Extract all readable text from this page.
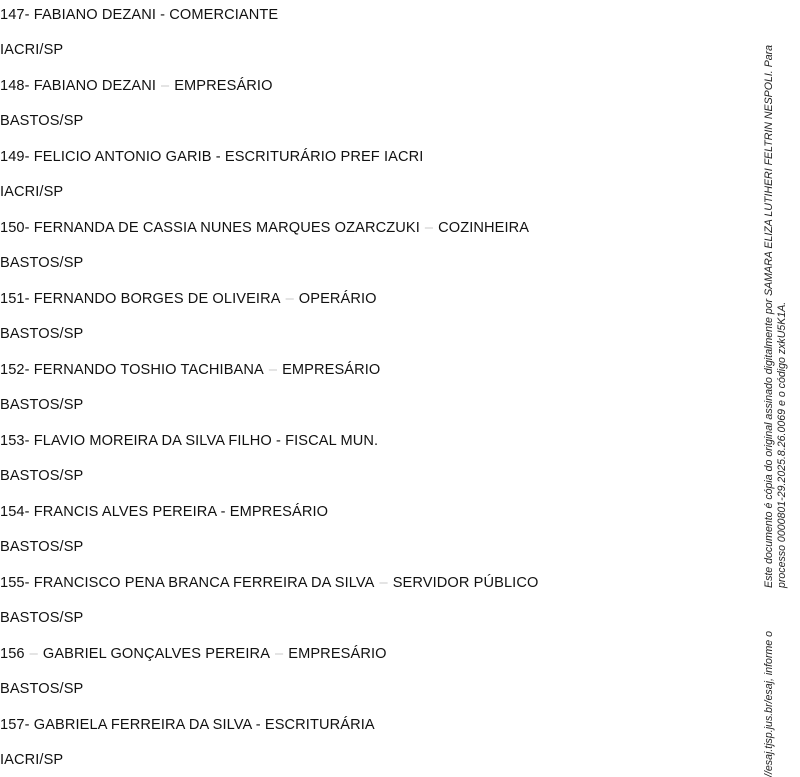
147- FABIANO DEZANI - COMERCIANTE
IACRI/SP
148- FABIANO DEZANI – EMPRESÁRIO
BASTOS/SP
149- FELICIO ANTONIO GARIB - ESCRITURÁRIO PREF IACRI
IACRI/SP
150- FERNANDA DE CASSIA NUNES MARQUES OZARCZUKI – COZINHEIRA
BASTOS/SP
151- FERNANDO BORGES DE OLIVEIRA – OPERÁRIO
BASTOS/SP
152- FERNANDO TOSHIO TACHIBANA – EMPRESÁRIO
BASTOS/SP
153- FLAVIO MOREIRA DA SILVA FILHO - FISCAL MUN.
BASTOS/SP
154- FRANCIS ALVES PEREIRA - EMPRESÁRIO
BASTOS/SP
155- FRANCISCO PENA BRANCA FERREIRA DA SILVA – SERVIDOR PÚBLICO
BASTOS/SP
156 – GABRIEL GONÇALVES PEREIRA – EMPRESÁRIO
BASTOS/SP
157- GABRIELA FERREIRA DA SILVA - ESCRITURÁRIA
IACRI/SP
Este documento é cópia do original assinado digitalmente por SAMARA ELIZA LUTIHERI FELTRIN NESPOLI. Para processo 0000801-29.2025.8.26.0069 e o código zxkU5K1A.
//esaj.tjsp.jus.br/esaj, informe o
